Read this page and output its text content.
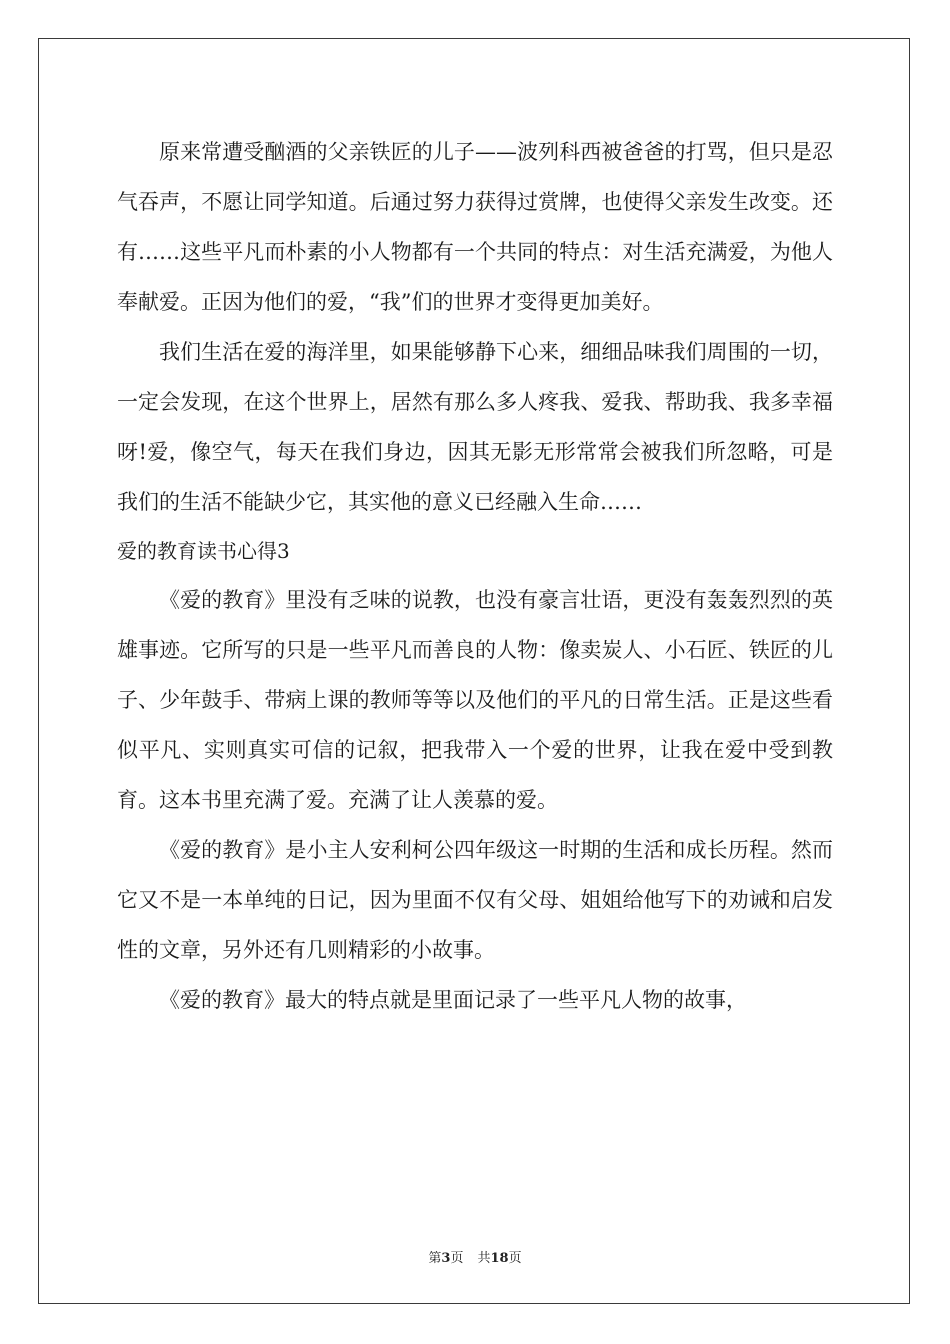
原来常遭受酗酒的父亲铁匠的儿子——波列科西被爸爸的打骂，但只是忍气吞声，不愿让同学知道。后通过努力获得过赏牌，也使得父亲发生改变。还有……这些平凡而朴素的小人物都有一个共同的特点：对生活充满爱，为他人奉献爱。正因为他们的爱，“我”们的世界才变得更加美好。

我们生活在爱的海洋里，如果能够静下心来，细细品味我们周围的一切，一定会发现，在这个世界上，居然有那么多人疼我、爱我、帮助我、我多幸福呀!爱，像空气，每天在我们身边，因其无影无形常常会被我们所忽略，可是我们的生活不能缺少它，其实他的意义已经融入生命……

爱的教育读书心得3

《爱的教育》里没有乏味的说教，也没有豪言壮语，更没有轰轰烈烈的英雄事迹。它所写的只是一些平凡而善良的人物：像卖炭人、小石匠、铁匠的儿子、少年鼓手、带病上课的教师等等以及他们的平凡的日常生活。正是这些看似平凡、实则真实可信的记叙，把我带入一个爱的世界，让我在爱中受到教育。这本书里充满了爱。充满了让人羡慕的爱。

《爱的教育》是小主人安利柯公四年级这一时期的生活和成长历程。然而它又不是一本单纯的日记，因为里面不仅有父母、姐姐给他写下的劝诫和启发性的文章，另外还有几则精彩的小故事。

《爱的教育》最大的特点就是里面记录了一些平凡人物的故事，

第3页 共18页
